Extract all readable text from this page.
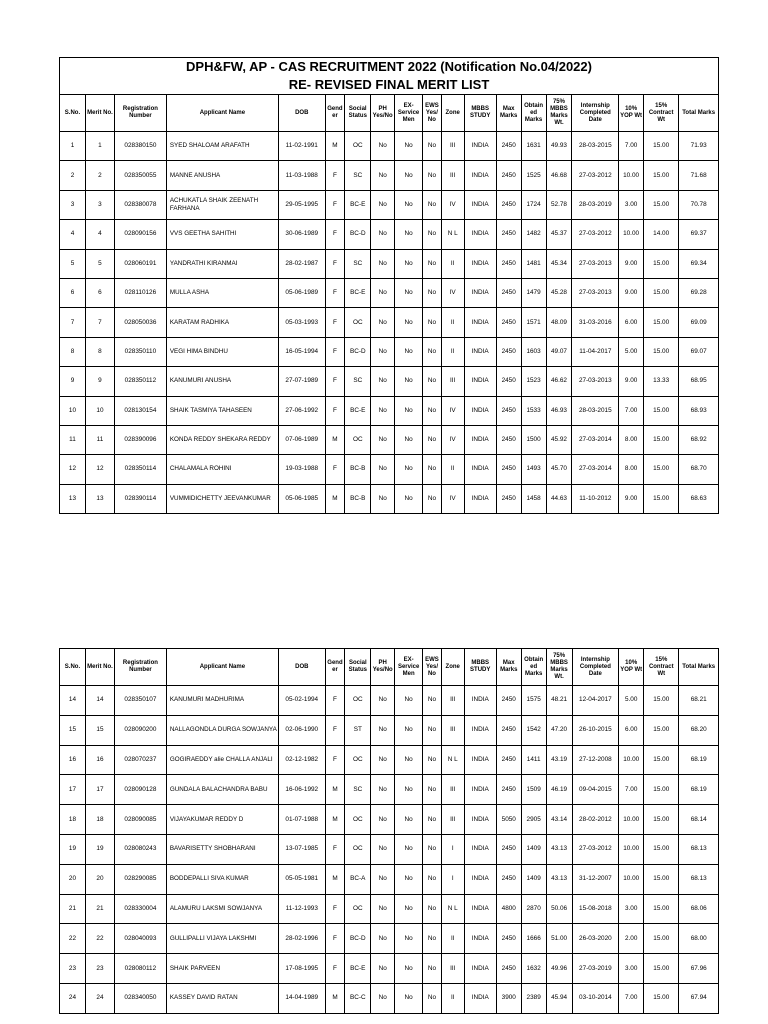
DPH&FW, AP - CAS RECRUITMENT 2022 (Notification No.04/2022)
RE- REVISED FINAL MERIT LIST																		

S.No.	Merit No.	Registration Number	Applicant Name	DOB	Gend er	Social Status	PH Yes/No	EX-Service Men	EWS Yes/ No	Zone	MBBS STUDY	Max Marks	Obtain ed Marks	75% MBBS Marks Wt.	Internship Completed Date	10% YOP Wt	15% Contract Wt	Total Marks
1	1	028380150	SYED SHALOAM ARAFATH	11-02-1991	M	OC	No	No	No	III	INDIA	2450	1631	49.93	28-03-2015	7.00	15.00	71.93
2	2	028350055	MANNE ANUSHA	11-03-1988	F	SC	No	No	No	III	INDIA	2450	1525	46.68	27-03-2012	10.00	15.00	71.68
3	3	028380078	ACHUKATLA SHAIK ZEENATH FARHANA	29-05-1995	F	BC-E	No	No	No	IV	INDIA	2450	1724	52.78	28-03-2019	3.00	15.00	70.78
4	4	028090156	VVS GEETHA SAHITHI	30-06-1989	F	BC-D	No	No	No	N L	INDIA	2450	1482	45.37	27-03-2012	10.00	14.00	69.37
5	5	028060191	YANDRATHI KIRANMAI	28-02-1987	F	SC	No	No	No	II	INDIA	2450	1481	45.34	27-03-2013	9.00	15.00	69.34
6	6	028110126	MULLA ASHA	05-06-1989	F	BC-E	No	No	No	IV	INDIA	2450	1479	45.28	27-03-2013	9.00	15.00	69.28
7	7	028050036	KARATAM RADHIKA	05-03-1993	F	OC	No	No	No	II	INDIA	2450	1571	48.09	31-03-2016	6.00	15.00	69.09
8	8	028350110	VEGI HIMA BINDHU	16-05-1994	F	BC-D	No	No	No	II	INDIA	2450	1603	49.07	11-04-2017	5.00	15.00	69.07
9	9	028350112	KANUMURI ANUSHA	27-07-1989	F	SC	No	No	No	III	INDIA	2450	1523	46.62	27-03-2013	9.00	13.33	68.95
10	10	028130154	SHAIK TASMIYA TAHASEEN	27-06-1992	F	BC-E	No	No	No	IV	INDIA	2450	1533	46.93	28-03-2015	7.00	15.00	68.93
11	11	028390096	KONDA REDDY SHEKARA REDDY	07-06-1989	M	OC	No	No	No	IV	INDIA	2450	1500	45.92	27-03-2014	8.00	15.00	68.92
12	12	028350114	CHALAMALA ROHINI	19-03-1988	F	BC-B	No	No	No	II	INDIA	2450	1493	45.70	27-03-2014	8.00	15.00	68.70
13	13	028390114	VUMMIDICHETTY JEEVANKUMAR	05-06-1985	M	BC-B	No	No	No	IV	INDIA	2450	1458	44.63	11-10-2012	9.00	15.00	68.63
S.No.	Merit No.	Registration Number	Applicant Name	DOB	Gend er	Social Status	PH Yes/No	EX-Service Men	EWS Yes/ No	Zone	MBBS STUDY	Max Marks	Obtain ed Marks	75% MBBS Marks Wt.	Internship Completed Date	10% YOP Wt	15% Contract Wt	Total Marks
14	14	028350107	KANUMURI MADHURIMA	05-02-1994	F	OC	No	No	No	III	INDIA	2450	1575	48.21	12-04-2017	5.00	15.00	68.21
15	15	028090200	NALLAGONDLA DURGA SOWJANYA	02-06-1990	F	ST	No	No	No	III	INDIA	2450	1542	47.20	26-10-2015	6.00	15.00	68.20
16	16	028070237	GOGIRAEDDY alie CHALLA ANJALI	02-12-1982	F	OC	No	No	No	N L	INDIA	2450	1411	43.19	27-12-2008	10.00	15.00	68.19
17	17	028090128	GUNDALA BALACHANDRA BABU	16-06-1992	M	SC	No	No	No	III	INDIA	2450	1509	46.19	09-04-2015	7.00	15.00	68.19
18	18	028090085	VIJAYAKUMAR REDDY D	01-07-1988	M	OC	No	No	No	III	INDIA	5050	2905	43.14	28-02-2012	10.00	15.00	68.14
19	19	028080243	BAVARISETTY SHOBHARANI	13-07-1985	F	OC	No	No	No	I	INDIA	2450	1409	43.13	27-03-2012	10.00	15.00	68.13
20	20	028290085	BODDEPALLI SIVA KUMAR	05-05-1981	M	BC-A	No	No	No	I	INDIA	2450	1409	43.13	31-12-2007	10.00	15.00	68.13
21	21	028330004	ALAMURU LAKSMI SOWJANYA	11-12-1993	F	OC	No	No	No	N L	INDIA	4800	2870	50.06	15-08-2018	3.00	15.00	68.06
22	22	028040093	GULLIPALLI VIJAYA LAKSHMI	28-02-1996	F	BC-D	No	No	No	II	INDIA	2450	1666	51.00	26-03-2020	2.00	15.00	68.00
23	23	028080112	SHAIK PARVEEN	17-08-1995	F	BC-E	No	No	No	III	INDIA	2450	1632	49.96	27-03-2019	3.00	15.00	67.96
24	24	028340050	KASSEY DAVID RATAN	14-04-1989	M	BC-C	No	No	No	II	INDIA	3900	2389	45.94	03-10-2014	7.00	15.00	67.94
